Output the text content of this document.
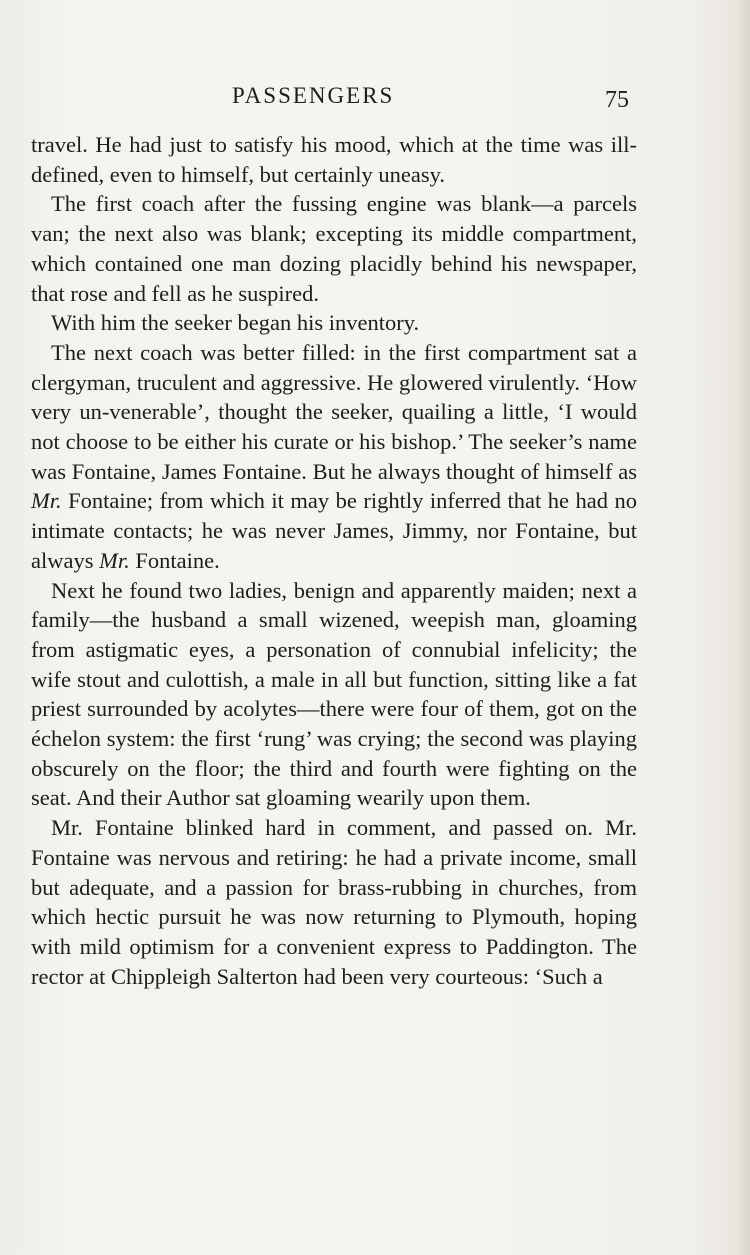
PASSENGERS	75

travel. He had just to satisfy his mood, which at the time was ill-defined, even to himself, but certainly uneasy.

The first coach after the fussing engine was blank—a parcels van; the next also was blank; excepting its middle compartment, which contained one man dozing placidly behind his newspaper, that rose and fell as he suspired.

With him the seeker began his inventory.

The next coach was better filled: in the first compartment sat a clergyman, truculent and aggressive. He glowered virulently. ‘How very un-venerable’, thought the seeker, quailing a little, ‘I would not choose to be either his curate or his bishop.’ The seeker’s name was Fontaine, James Fontaine. But he always thought of himself as Mr. Fontaine; from which it may be rightly inferred that he had no intimate contacts; he was never James, Jimmy, nor Fontaine, but always Mr. Fontaine.

Next he found two ladies, benign and apparently maiden; next a family—the husband a small wizened, weepish man, gloaming from astigmatic eyes, a personation of connubial infelicity; the wife stout and culottish, a male in all but function, sitting like a fat priest surrounded by acolytes—there were four of them, got on the échelon system: the first ‘rung’ was crying; the second was playing obscurely on the floor; the third and fourth were fighting on the seat. And their Author sat gloaming wearily upon them.

Mr. Fontaine blinked hard in comment, and passed on. Mr. Fontaine was nervous and retiring: he had a private income, small but adequate, and a passion for brass-rubbing in churches, from which hectic pursuit he was now returning to Plymouth, hoping with mild optimism for a convenient express to Paddington. The rector at Chippleigh Salterton had been very courteous: ‘Such a
